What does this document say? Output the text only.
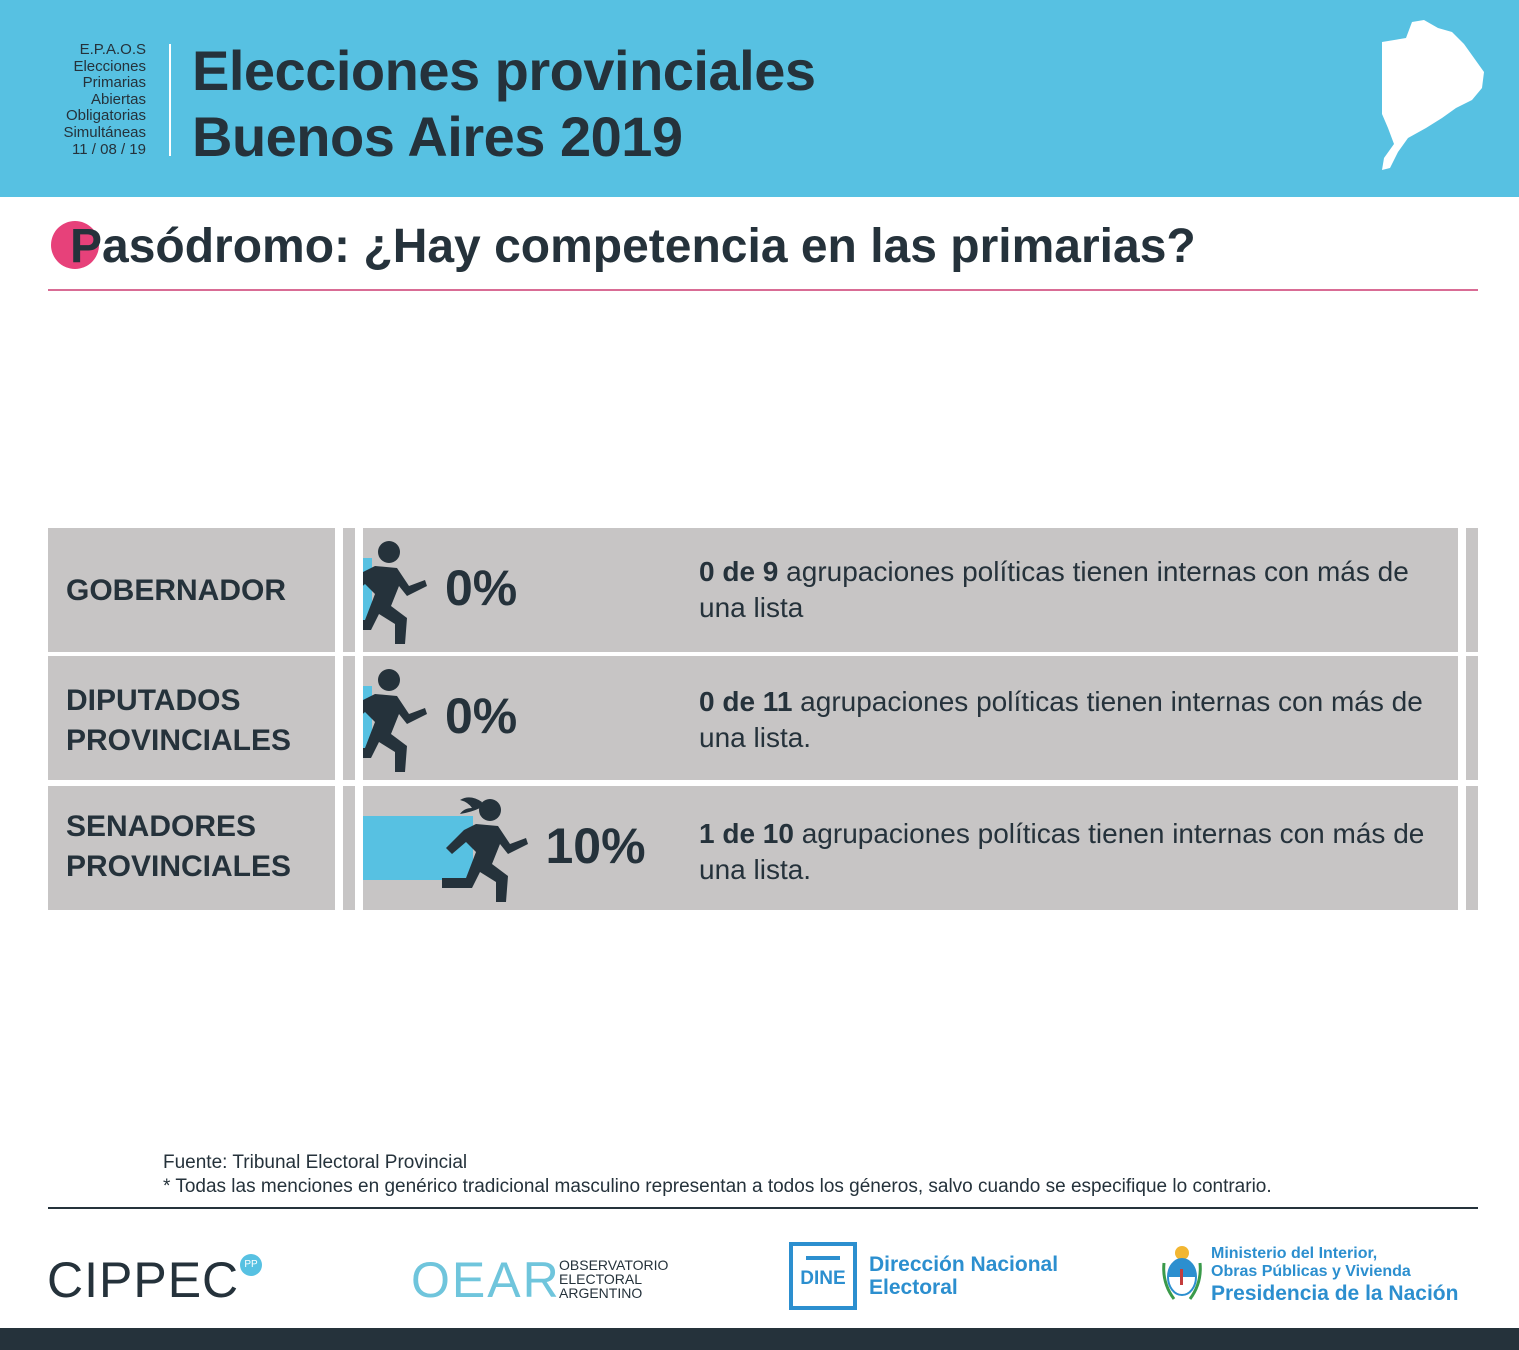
E.P.A.O.S
Elecciones
Primarias
Abiertas
Obligatorias
Simultáneas
11 / 08 / 19
Elecciones provinciales
Buenos Aires 2019
Pasódromo: ¿Hay competencia en las primarias?
GOBERNADOR	0%	0 de 9 agrupaciones políticas tienen internas con más de una lista
DIPUTADOS
PROVINCIALES	0%	0 de 11 agrupaciones políticas tienen internas con más de una lista.
SENADORES
PROVINCIALES	10% 1 de 10 agrupaciones políticas tienen internas con más de una lista.
Fuente: Tribunal Electoral Provincial
* Todas las menciones en genérico tradicional masculino representan a todos los géneros, salvo cuando se especifique lo contrario.
CIPPEC PP	OEAR
OBSERVATORIO
ELECTORAL
ARGENTINO
DINE
Dirección Nacional
Electoral
Ministerio del Interior,
Obras Públicas y Vivienda
Presidencia de la Nación
